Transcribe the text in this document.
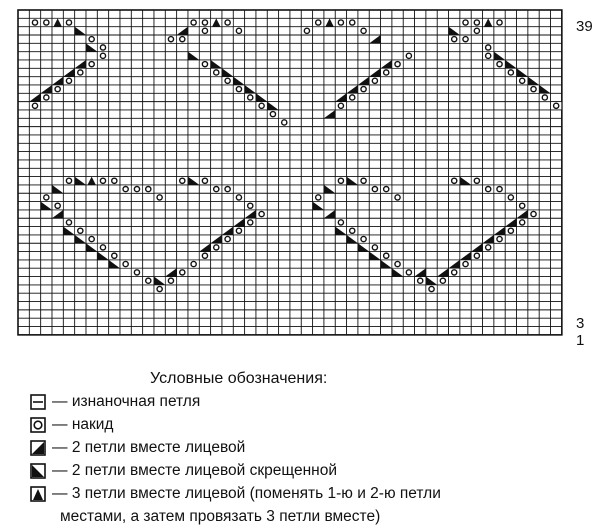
39
3
1
Условные обозначения:
— изнаночная петля
— накид
— 2 петли вместе лицевой
— 2 петли вместе лицевой скрещенной
— 3 петли вместе лицевой (поменять 1-ю и 2-ю петли
местами, а затем провязать 3 петли вместе)
